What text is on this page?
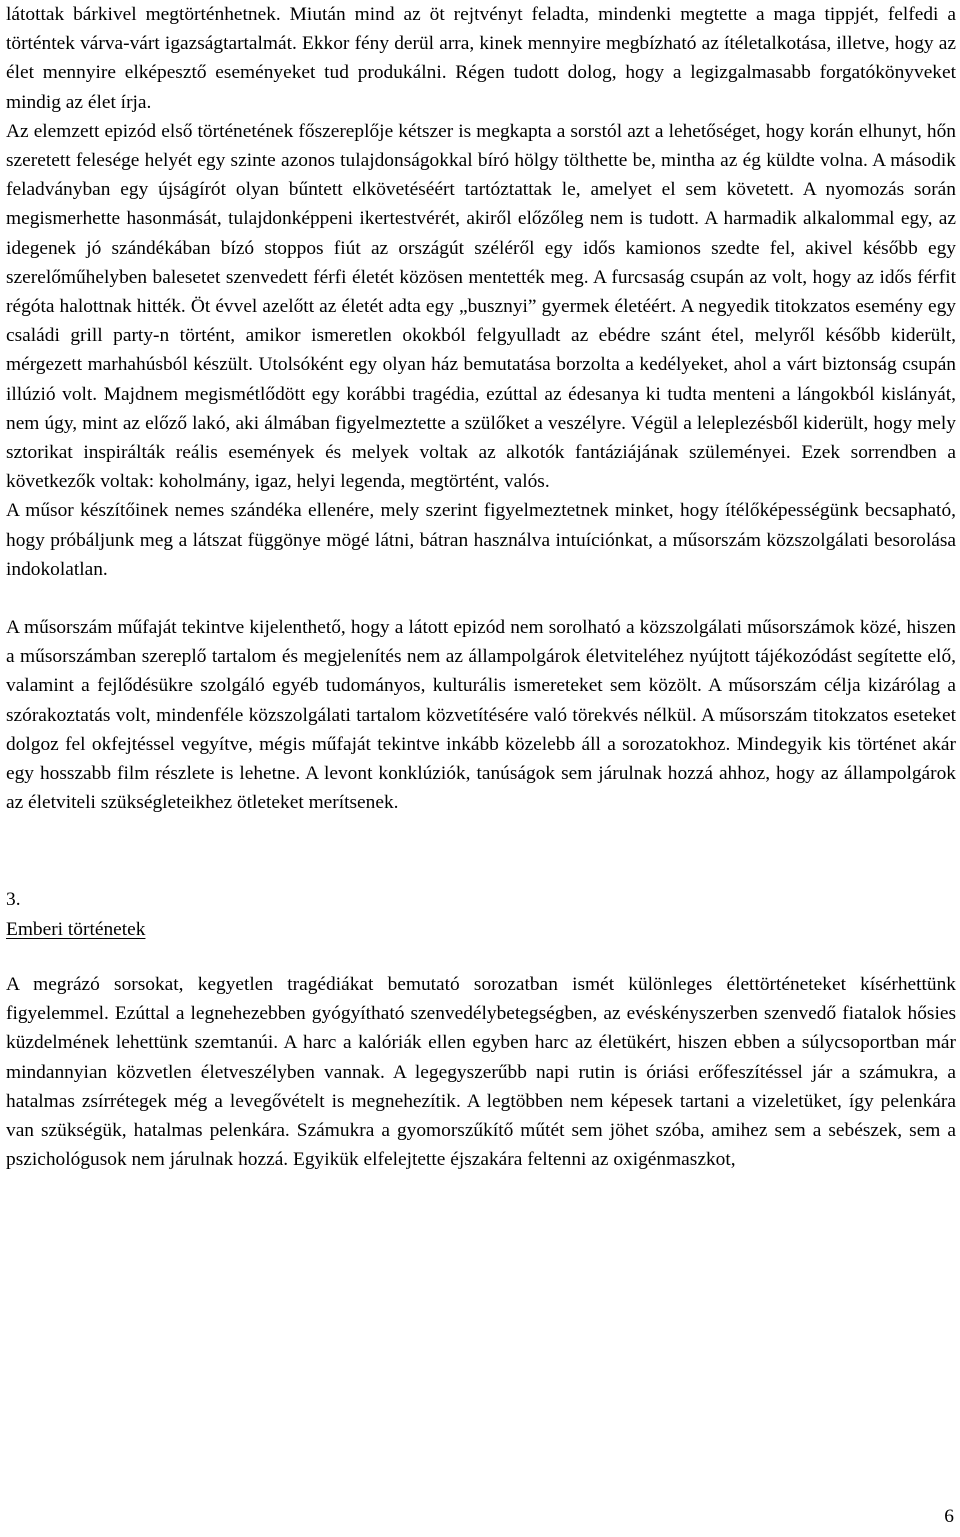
látottak bárkivel megtörténhetnek. Miután mind az öt rejtvényt feladta, mindenki megtette a maga tippjét, felfedi a történtek várva-várt igazságtartalmát. Ekkor fény derül arra, kinek mennyire megbízható az ítéletalkotása, illetve, hogy az élet mennyire elképesztő eseményeket tud produkálni. Régen tudott dolog, hogy a legizgalmasabb forgatókönyveket mindig az élet írja.

Az elemzett epizód első történetének főszereplője kétszer is megkapta a sorstól azt a lehetőséget, hogy korán elhunyt, hőn szeretett felesége helyét egy szinte azonos tulajdonságokkal bíró hölgy tölthette be, mintha az ég küldte volna. A második feladványban egy újságírót olyan bűntett elkövetéséért tartóztattak le, amelyet el sem követett. A nyomozás során megismerhette hasonmását, tulajdonképpeni ikertestvérét, akiről előzőleg nem is tudott. A harmadik alkalommal egy, az idegenek jó szándékában bízó stoppos fiút az országút széléről egy idős kamionos szedte fel, akivel később egy szerelőműhelyben balesetet szenvedett férfi életét közösen mentették meg. A furcsaság csupán az volt, hogy az idős férfit régóta halottnak hitték. Öt évvel azelőtt az életét adta egy „busznyi” gyermek életéért. A negyedik titokzatos esemény egy családi grill party-n történt, amikor ismeretlen okokból felgyulladt az ebédre szánt étel, melyről később kiderült, mérgezett marhahúsból készült. Utolsóként egy olyan ház bemutatása borzolta a kedélyeket, ahol a várt biztonság csupán illúzió volt. Majdnem megismétlődött egy korábbi tragédia, ezúttal az édesanya ki tudta menteni a lángokból kislányát, nem úgy, mint az előző lakó, aki álmában figyelmeztette a szülőket a veszélyre. Végül a leleplezésből kiderült, hogy mely sztorikat inspirálták reális események és melyek voltak az alkotók fantáziájának szüleményei. Ezek sorrendben a következők voltak: koholmány, igaz, helyi legenda, megtörtént, valós.

A műsor készítőinek nemes szándéka ellenére, mely szerint figyelmeztetnek minket, hogy ítélőképességünk becsapható, hogy próbáljunk meg a látszat függönye mögé látni, bátran használva intuíciónkat, a műsorszám közszolgálati besorolása indokolatlan.

A műsorszám műfaját tekintve kijelenthető, hogy a látott epizód nem sorolható a közszolgálati műsorszámok közé, hiszen a műsorszámban szereplő tartalom és megjelenítés nem az állampolgárok életviteléhez nyújtott tájékozódást segítette elő, valamint a fejlődésükre szolgáló egyéb tudományos, kulturális ismereteket sem közölt. A műsorszám célja kizárólag a szórakoztatás volt, mindenféle közszolgálati tartalom közvetítésére való törekvés nélkül. A műsorszám titokzatos eseteket dolgoz fel okfejtéssel vegyítve, mégis műfaját tekintve inkább közelebb áll a sorozatokhoz. Mindegyik kis történet akár egy hosszabb film részlete is lehetne. A levont konklúziók, tanúságok sem járulnak hozzá ahhoz, hogy az állampolgárok az életviteli szükségleteikhez ötleteket merítsenek.

3.

Emberi történetek

A megrázó sorsokat, kegyetlen tragédiákat bemutató sorozatban ismét különleges élettörténeteket kísérhettünk figyelemmel. Ezúttal a legnehezebben gyógyítható szenvedélybetegségben, az evéskényszerben szenvedő fiatalok hősies küzdelmének lehettünk szemtanúi. A harc a kalóriák ellen egyben harc az életükért, hiszen ebben a súlycsoportban már mindannyian közvetlen életveszélyben vannak. A legegyszerűbb napi rutin is óriási erőfeszítéssel jár a számukra, a hatalmas zsírrétegek még a levegővételt is megnehezítik. A legtöbben nem képesek tartani a vizeletüket, így pelenkára van szükségük, hatalmas pelenkára. Számukra a gyomorszűkítő műtét sem jöhet szóba, amihez sem a sebészek, sem a pszichológusok nem járulnak hozzá. Egyikük elfelejtette éjszakára feltenni az oxigénmaszkot,

6
